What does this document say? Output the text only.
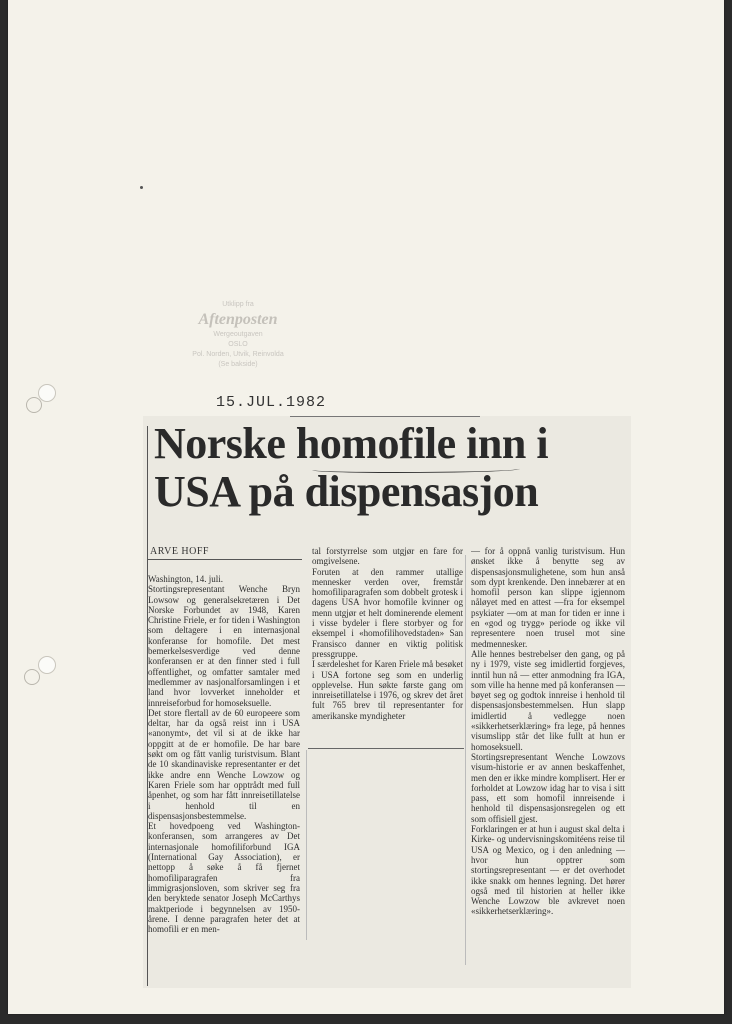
Utklipp fra
Aftenposten
Wergeoutgaven
OSLO
Pol. Norden, Utvik, Reinvolda
(Se bakside)
15.JUL.1982
Norske homofile inn i
USA på dispensasjon
ARVE HOFF
Washington, 14. juli.
Stortingsrepresentant Wenche Bryn Lowsow og generalsekretæren i Det Norske Forbundet av 1948, Karen Christine Friele, er for tiden i Washington som deltagere i en internasjonal konferanse for homofile. Det mest bemerkelsesverdige ved denne konferansen er at den finner sted i full offentlighet, og omfatter samtaler med medlemmer av nasjonalforsamlingen i et land hvor lovverket inneholder et innreiseforbud for homoseksuelle.
Det store flertall av de 60 europeere som deltar, har da også reist inn i USA «anonymt», det vil si at de ikke har oppgitt at de er homofile. De har bare søkt om og fått vanlig turistvisum. Blant de 10 skandinaviske representanter er det ikke andre enn Wenche Lowzow og Karen Friele som har opptrådt med full åpenhet, og som har fått innreisetillatelse i henhold til en dispensasjonsbestemmelse.
Et hovedpoeng ved Washington-konferansen, som arrangeres av Det internasjonale homofiliforbund IGA (International Gay Association), er nettopp å søke å få fjernet homofiliparagrafen fra immigrasjonsloven, som skriver seg fra den beryktede senator Joseph McCarthys maktperiode i begynnelsen av 1950-årene. I denne paragrafen heter det at homofili er en men-
tal forstyrrelse som utgjør en fare for omgivelsene.
Foruten at den rammer utallige mennesker verden over, fremstår homofiliparagrafen som dobbelt grotesk i dagens USA hvor homofile kvinner og menn utgjør et helt dominerende element i visse bydeler i flere storbyer og for eksempel i «homofilihovedstaden» San Fransisco danner en viktig politisk pressgruppe.
I særdeleshet for Karen Friele må besøket i USA fortone seg som en underlig opplevelse. Hun søkte første gang om innreisetillatelse i 1976, og skrev det året fult 765 brev til representanter for amerikanske myndigheter
— for å oppnå vanlig turistvisum. Hun ønsket ikke å benytte seg av dispensasjonsmulighetene, som hun anså som dypt krenkende. Den innebærer at en homofil person kan slippe igjennom nåløyet med en attest —fra for eksempel psykiater —om at man for tiden er inne i en «god og trygg» periode og ikke vil representere noen trusel mot sine medmennesker.
Alle hennes bestrebelser den gang, og på ny i 1979, viste seg imidlertid forgjeves, inntil hun nå — etter anmodning fra IGA, som ville ha henne med på konferansen — bøyet seg og godtok innreise i henhold til dispensasjonsbestemmelsen. Hun slapp imidlertid å vedlegge noen «sikkerhetserklæring» fra lege, på hennes visumslipp står det like fullt at hun er homoseksuell.
Stortingsrepresentant Wenche Lowzovs visum-historie er av annen beskaffenhet, men den er ikke mindre komplisert. Her er forholdet at Lowzow idag har to visa i sitt pass, ett som homofil innreisende i henhold til dispensasjonsregelen og ett som offisiell gjest.
Forklaringen er at hun i august skal delta i Kirke- og undervisningskomitéens reise til USA og Mexico, og i den anledning — hvor hun opptrer som stortingsrepresentant — er det overhodet ikke snakk om hennes legning. Det hører også med til historien at heller ikke Wenche Lowzow ble avkrevet noen «sikkerhetserklæring».
